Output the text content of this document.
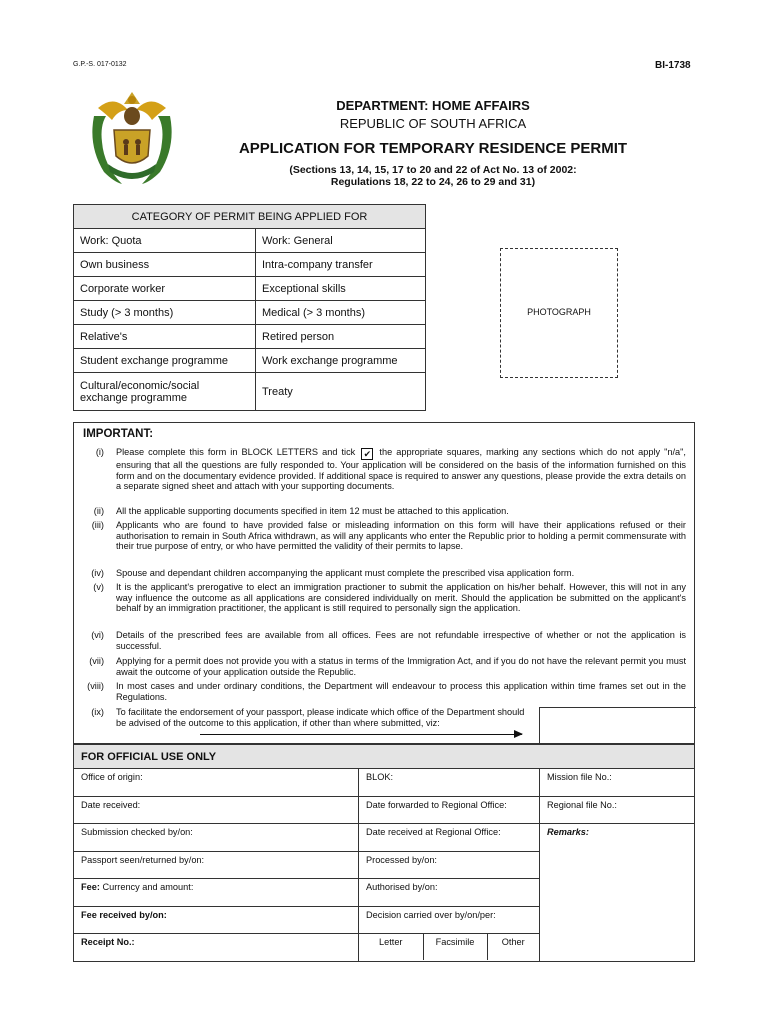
G.P.-S. 017-0132	BI-1738
DEPARTMENT: HOME AFFAIRS
REPUBLIC OF SOUTH AFRICA
APPLICATION FOR TEMPORARY RESIDENCE PERMIT
(Sections 13, 14, 15, 17 to 20 and 22 of Act No. 13 of 2002:
Regulations 18, 22 to 24, 26 to 29 and 31)
CATEGORY OF PERMIT BEING APPLIED FOR	
Work: Quota	Work: General
Own business	Intra-company transfer
Corporate worker	Exceptional skills
Study (> 3 months)	Medical (> 3 months)
Relative's	Retired person
Student exchange programme	Work exchange programme
Cultural/economic/social exchange programme	Treaty
PHOTOGRAPH
IMPORTANT:
(i) Please complete this form in BLOCK LETTERS and tick ✔ the appropriate squares, marking any sections which do not apply "n/a", ensuring that all the questions are fully responded to. Your application will be considered on the basis of the information furnished on this form and on the documentary evidence provided. If additional space is required to answer any questions, please provide the extra details on a separate signed sheet and attach with your supporting documents.
(ii) All the applicable supporting documents specified in item 12 must be attached to this application.
(iii) Applicants who are found to have provided false or misleading information on this form will have their applications refused or their authorisation to remain in South Africa withdrawn, as will any applicants who enter the Republic prior to holding a permit commensurate with their true purpose of entry, or who have permitted the validity of their permits to lapse.
(iv) Spouse and dependant children accompanying the applicant must complete the prescribed visa application form.
(v) It is the applicant's prerogative to elect an immigration practioner to submit the application on his/her behalf. However, this will not in any way influence the outcome as all applications are considered individually on merit. Should the application be submitted on the applicant's behalf by an immigration practitioner, the applicant is still required to personally sign the application.
(vi) Details of the prescribed fees are available from all offices. Fees are not refundable irrespective of whether or not the application is successful.
(vii) Applying for a permit does not provide you with a status in terms of the Immigration Act, and if you do not have the relevant permit you must await the outcome of your application outside the Republic.
(viii) In most cases and under ordinary conditions, the Department will endeavour to process this application within time frames set out in the Regulations.
(ix) To facilitate the endorsement of your passport, please indicate which office of the Department should be advised of the outcome to this application, if other than where submitted, viz:
FOR OFFICIAL USE ONLY
Office of origin:	BLOK:	Mission file No.:
Date received:	Date forwarded to Regional Office:	Regional file No.:
Submission checked by/on:	Date received at Regional Office:	Remarks:
Passport seen/returned by/on:	Processed by/on:
Fee: Currency and amount:	Authorised by/on:
Fee received by/on:	Decision carried over by/on/per:
Receipt No.:		Letter	Facsimile	Other
